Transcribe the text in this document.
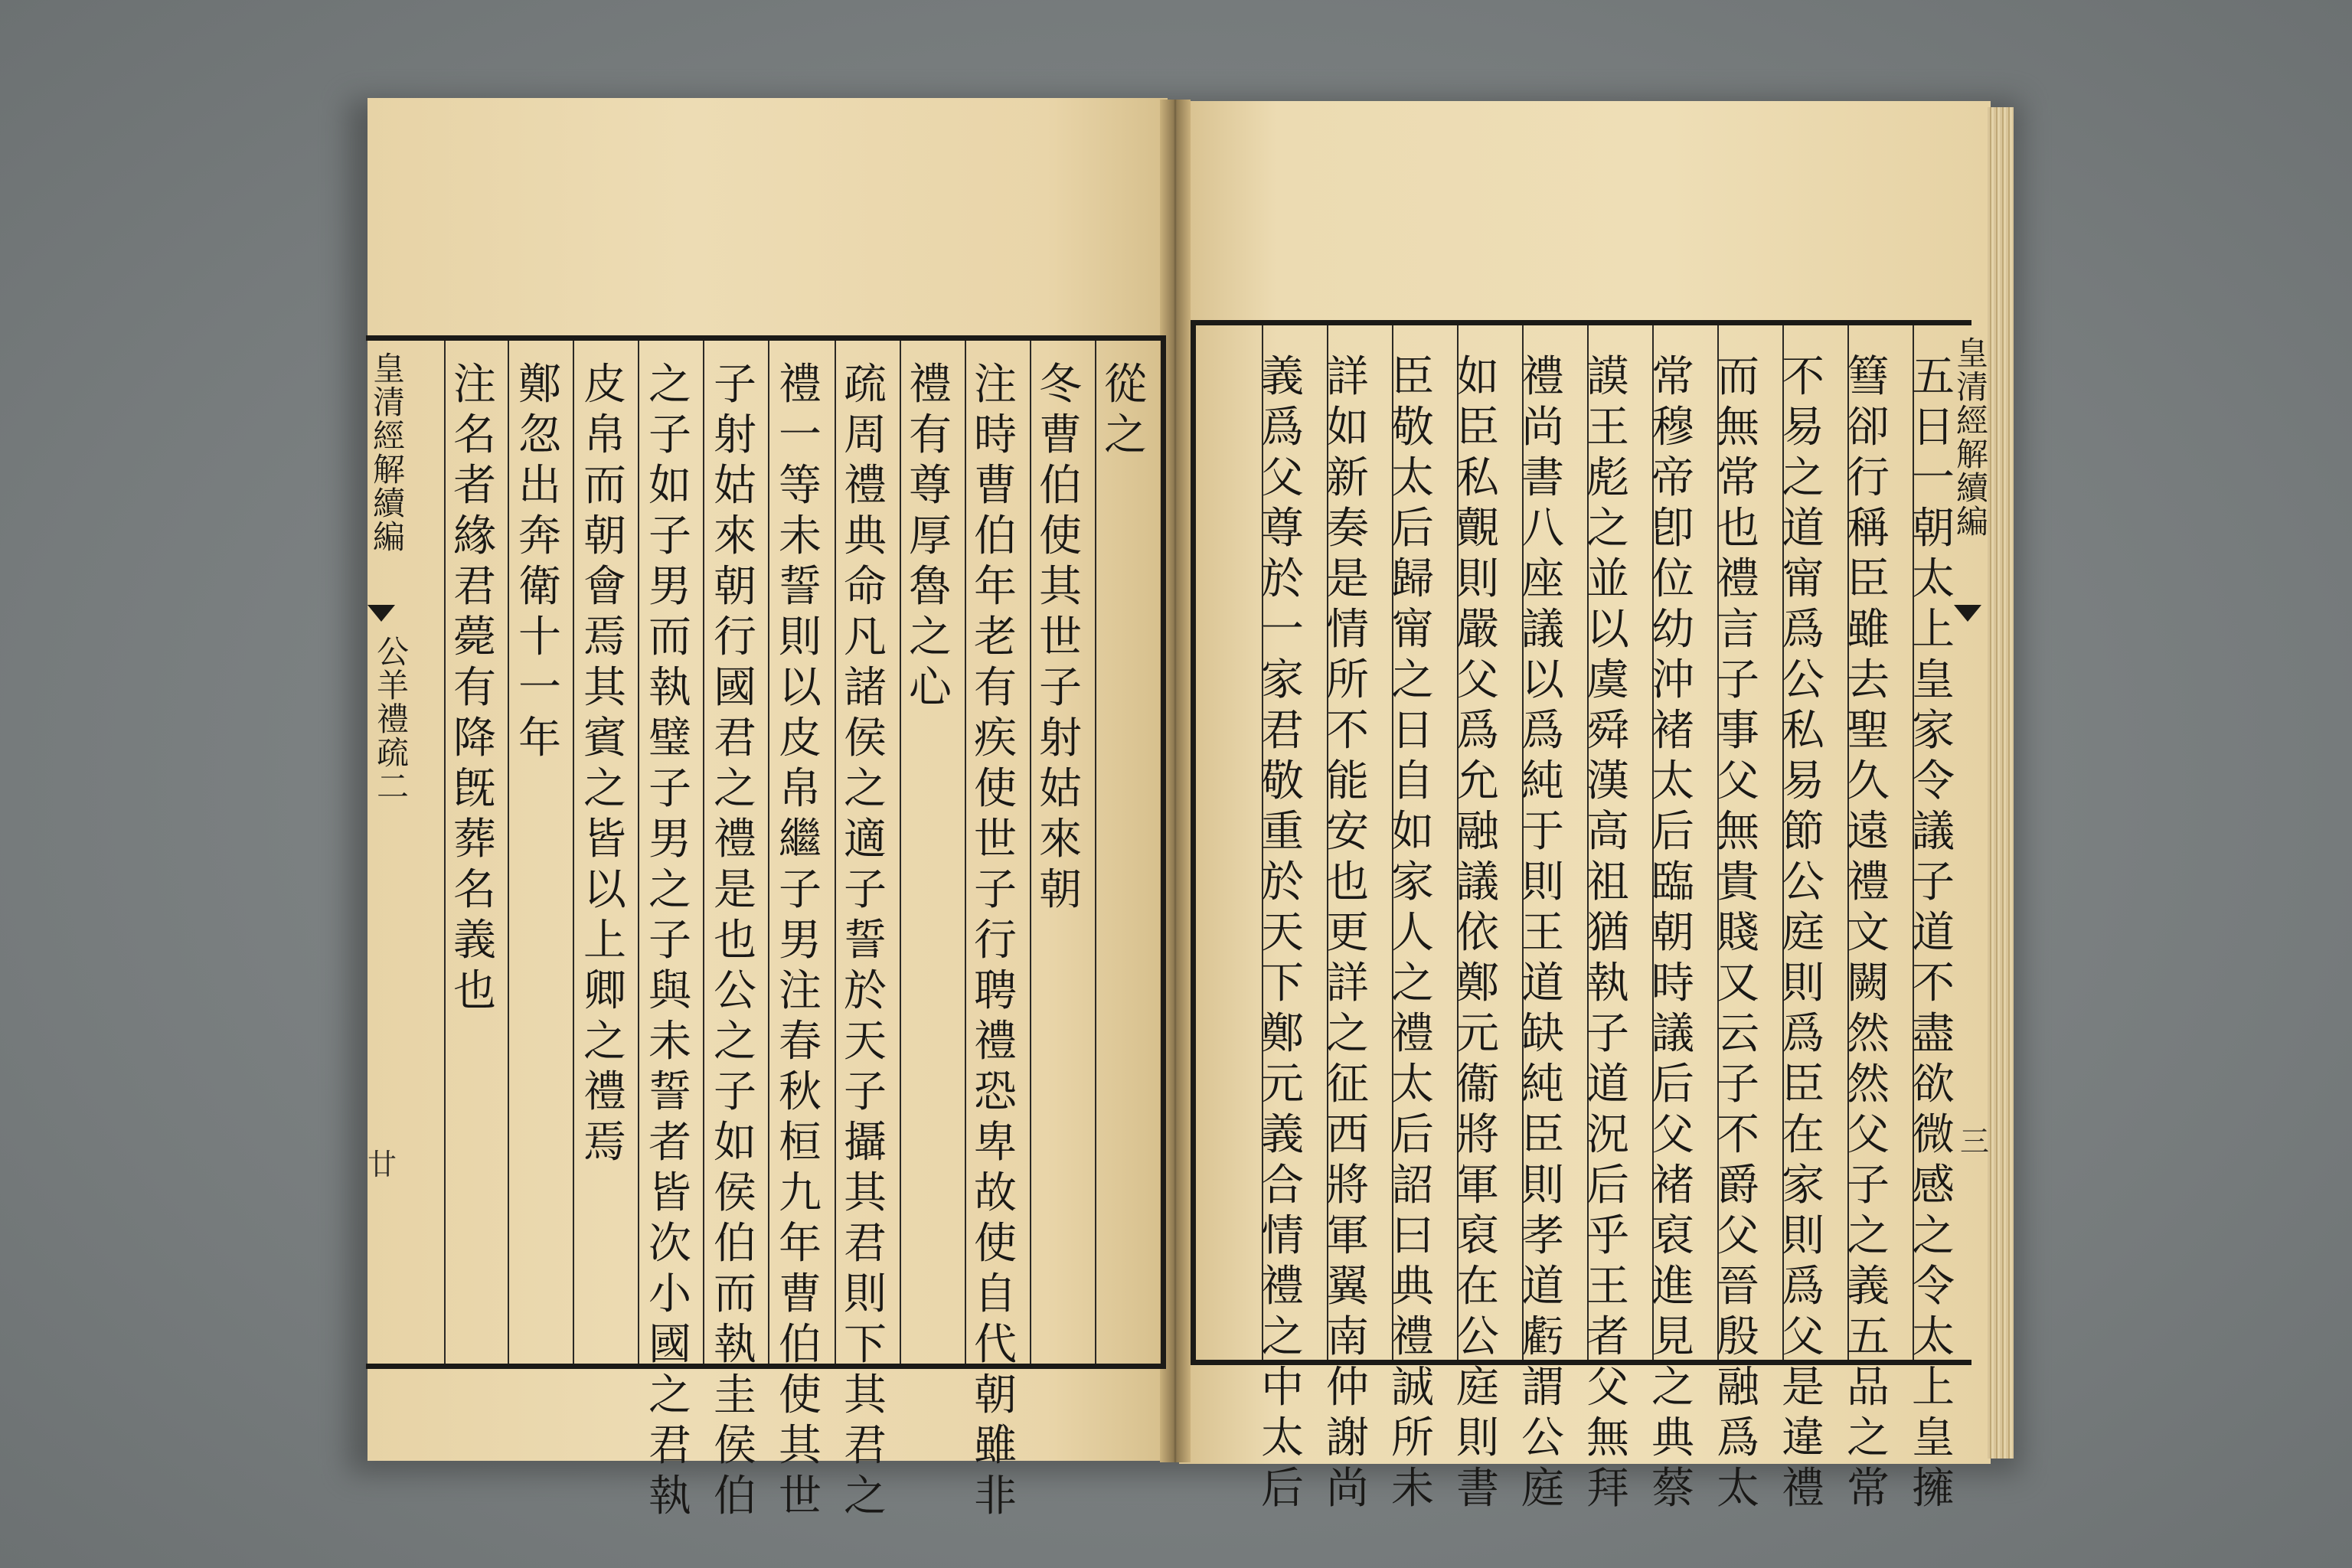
皇
清
經
解
續
編
公
羊
禮
疏
二
廿
從
之
冬
曹
伯
使
其
世
子
射
姑
來
朝
注
時
曹
伯
年
老
有
疾
使
世
子
行
聘
禮
恐
卑
故
使
自
代
朝
雖
非
禮
有
尊
厚
魯
之
心
疏
周
禮
典
命
凡
諸
侯
之
適
子
誓
於
天
子
攝
其
君
則
下
其
君
之
禮
一
等
未
誓
則
以
皮
帛
繼
子
男
注
春
秋
桓
九
年
曹
伯
使
其
世
子
射
姑
來
朝
行
國
君
之
禮
是
也
公
之
子
如
侯
伯
而
執
圭
侯
伯
之
子
如
子
男
而
執
璧
子
男
之
子
與
未
誓
者
皆
次
小
國
之
君
執
皮
帛
而
朝
會
焉
其
賓
之
皆
以
上
卿
之
禮
焉
鄭
忽
出
奔
衛
十
一
年
注
名
者
緣
君
薨
有
降
旣
葬
名
義
也
皇
清
經
解
續
編
三
五
日
一
朝
太
上
皇
家
令
議
子
道
不
盡
欲
微
感
之
令
太
上
皇
擁
篲
卻
行
稱
臣
雖
去
聖
久
遠
禮
文
闕
然
然
父
子
之
義
五
品
之
常
不
易
之
道
甯
爲
公
私
易
節
公
庭
則
爲
臣
在
家
則
爲
父
是
違
禮
而
無
常
也
禮
言
子
事
父
無
貴
賤
又
云
子
不
爵
父
晉
殷
融
爲
太
常
穆
帝
卽
位
幼
沖
褚
太
后
臨
朝
時
議
后
父
褚
裒
進
見
之
典
蔡
謨
王
彪
之
並
以
虞
舜
漢
高
祖
猶
執
子
道
況
后
乎
王
者
父
無
拜
禮
尚
書
八
座
議
以
爲
純
于
則
王
道
缺
純
臣
則
孝
道
虧
謂
公
庭
如
臣
私
覿
則
嚴
父
爲
允
融
議
依
鄭
元
衞
將
軍
裒
在
公
庭
則
書
臣
敬
太
后
歸
甯
之
日
自
如
家
人
之
禮
太
后
詔
曰
典
禮
誠
所
未
詳
如
新
奏
是
情
所
不
能
安
也
更
詳
之
征
西
將
軍
翼
南
仲
謝
尚
義
爲
父
尊
於
一
家
君
敬
重
於
天
下
鄭
元
義
合
情
禮
之
中
太
后
